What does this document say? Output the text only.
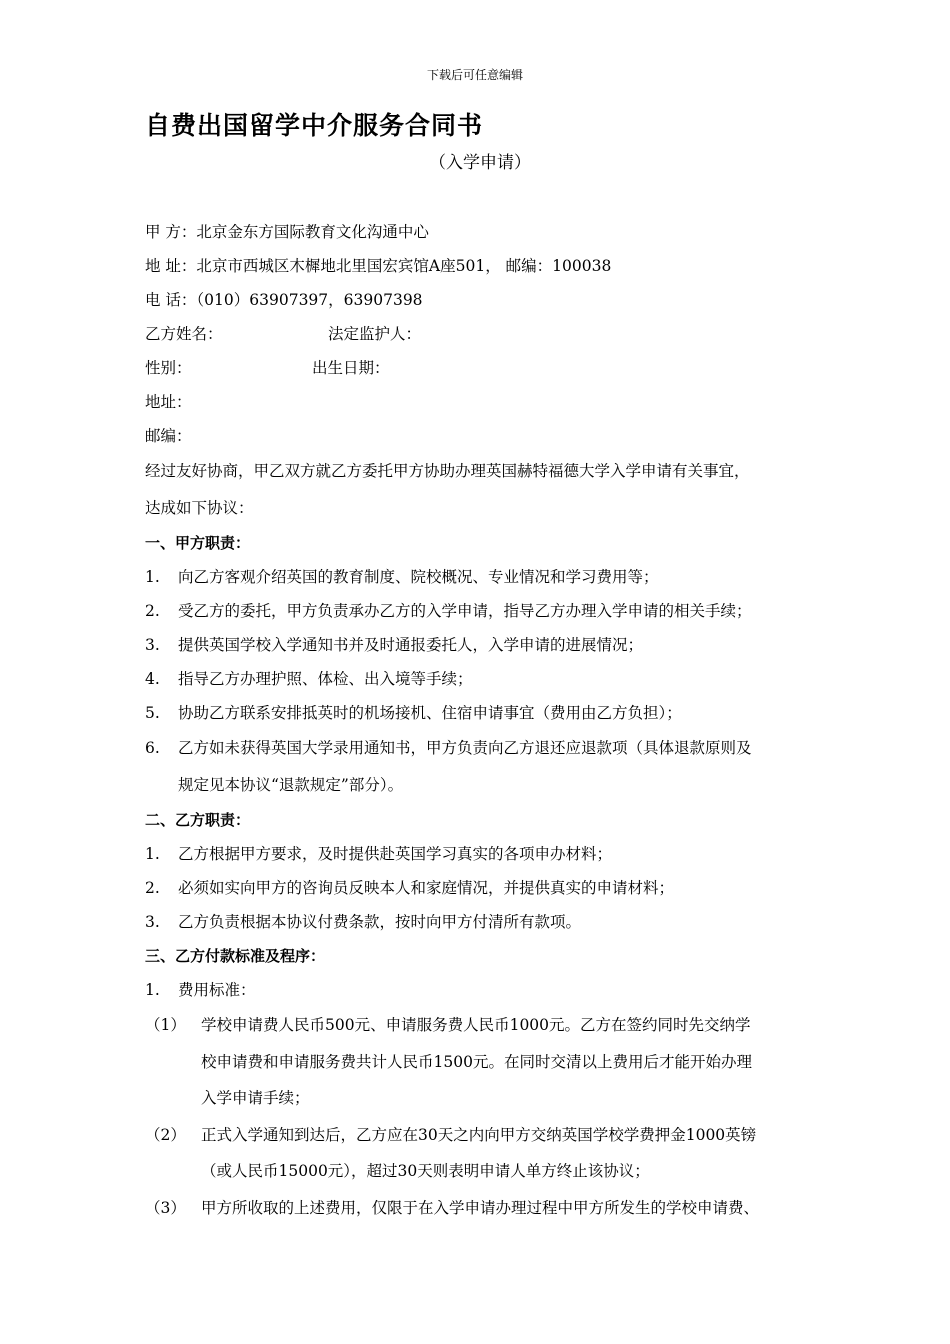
下载后可任意编辑
自费出国留学中介服务合同书
（入学申请）
甲 方：北京金东方国际教育文化沟通中心
地 址：北京市西城区木樨地北里国宏宾馆A座501， 邮编：100038
电 话：（010）63907397，63907398
乙方姓名：	法定监护人：
性别：	出生日期：
地址：
邮编：
经过友好协商，甲乙双方就乙方委托甲方协助办理英国赫特福德大学入学申请有关事宜，
达成如下协议：
一、甲方职责：
1. 向乙方客观介绍英国的教育制度、院校概况、专业情况和学习费用等；
2. 受乙方的委托，甲方负责承办乙方的入学申请，指导乙方办理入学申请的相关手续；
3. 提供英国学校入学通知书并及时通报委托人，入学申请的进展情况；
4. 指导乙方办理护照、体检、出入境等手续；
5. 协助乙方联系安排抵英时的机场接机、住宿申请事宜（费用由乙方负担）；
6. 乙方如未获得英国大学录用通知书，甲方负责向乙方退还应退款项（具体退款原则及
规定见本协议“退款规定”部分）。
二、乙方职责：
1. 乙方根据甲方要求，及时提供赴英国学习真实的各项申办材料；
2. 必须如实向甲方的咨询员反映本人和家庭情况，并提供真实的申请材料；
3. 乙方负责根据本协议付费条款，按时向甲方付清所有款项。
三、乙方付款标准及程序：
1. 费用标准：
（1） 学校申请费人民币500元、申请服务费人民币1000元。乙方在签约同时先交纳学
校申请费和申请服务费共计人民币1500元。在同时交清以上费用后才能开始办理
入学申请手续；
（2） 正式入学通知到达后，乙方应在30天之内向甲方交纳英国学校学费押金1000英镑
（或人民币15000元），超过30天则表明申请人单方终止该协议；
（3） 甲方所收取的上述费用，仅限于在入学申请办理过程中甲方所发生的学校申请费、
